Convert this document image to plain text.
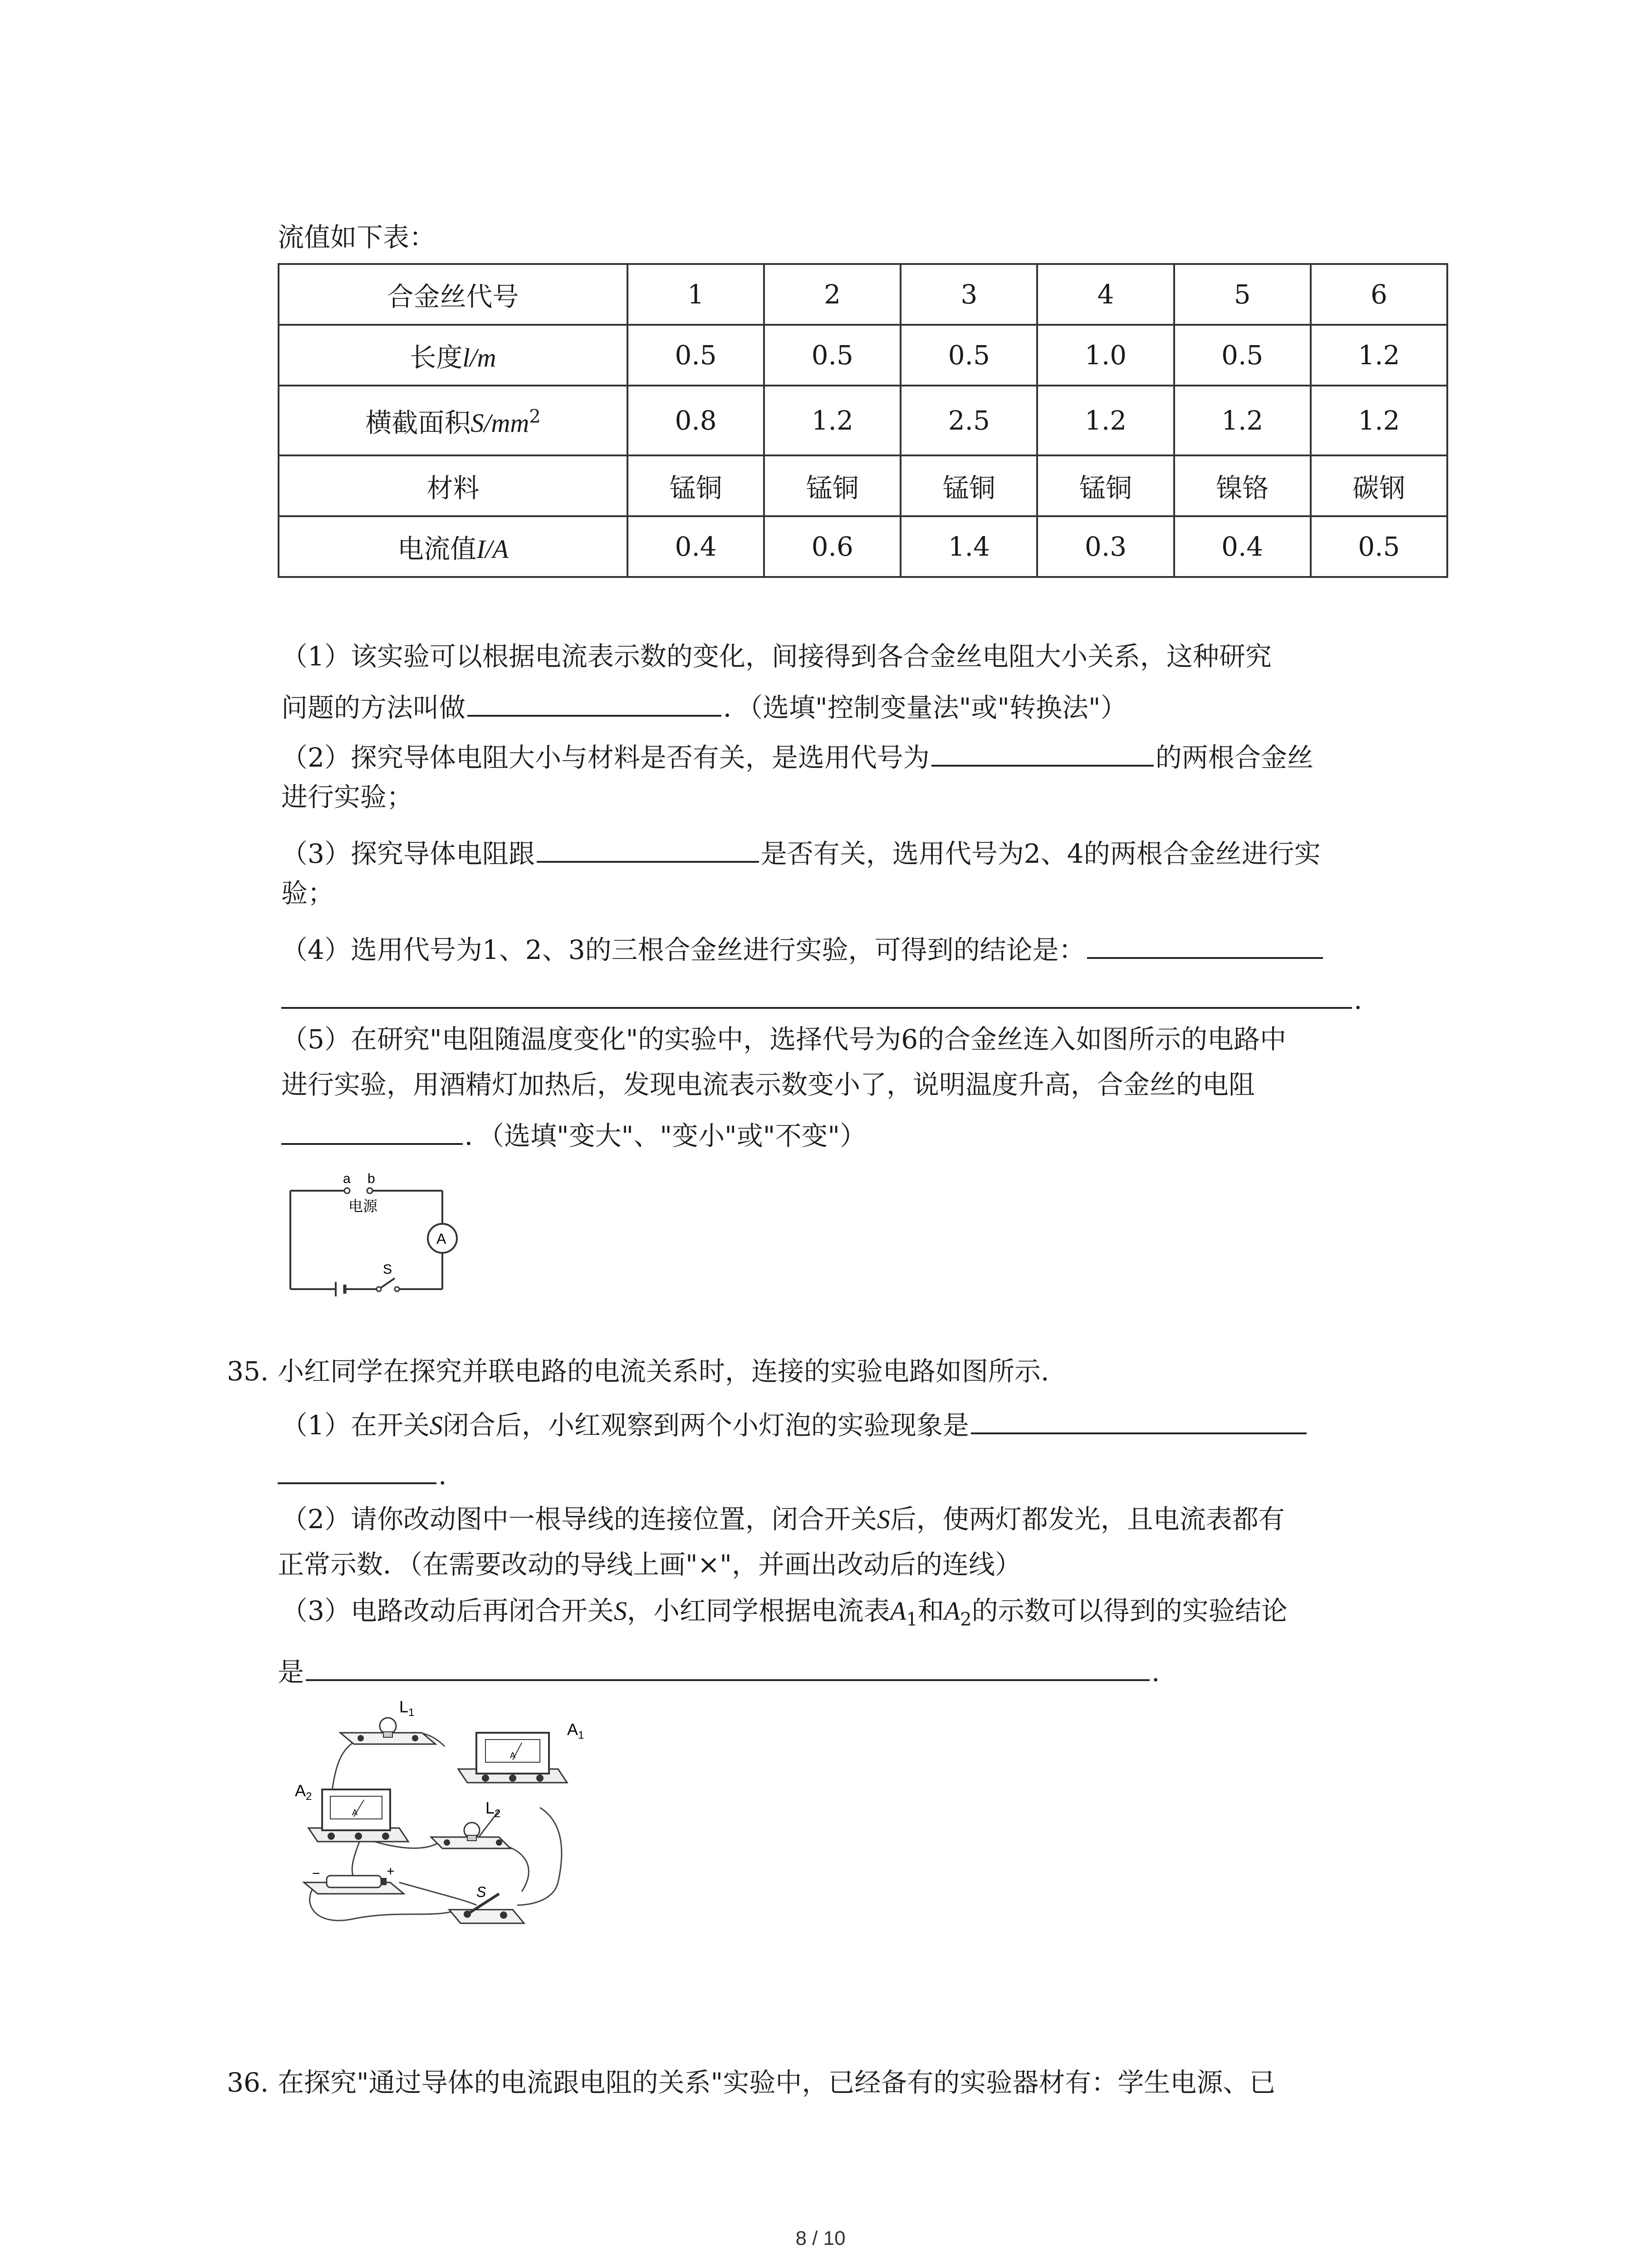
流值如下表：
合金丝代号	1	2	3	4	5	6
长度l/m	0.5	0.5	0.5	1.0	0.5	1.2
横截面积$S/mm^2$	0.8	1.2	2.5	1.2	1.2	1.2
材料	锰铜	锰铜	锰铜	锰铜	镍铬	碳钢
电流值I/A	0.4	0.6	1.4	0.3	0.4	0.5
（1）该实验可以根据电流表示数的变化，间接得到各合金丝电阻大小关系，这种研究
问题的方法叫做	．（选填"控制变量法"或"转换法"）
（2）探究导体电阻大小与材料是否有关，是选用代号为	的两根合金丝
进行实验；
（3）探究导体电阻跟	是否有关，选用代号为2、4的两根合金丝进行实
验；
（4）选用代号为1、2、3的三根合金丝进行实验，可得到的结论是：
.
（5）在研究"电阻随温度变化"的实验中，选择代号为6的合金丝连入如图所示的电路中
进行实验，用酒精灯加热后，发现电流表示数变小了，说明温度升高，合金丝的电阻
．（选填"变大"、"变小"或"不变"）
a b
电源
A
S
35. 小红同学在探究并联电路的电流关系时，连接的实验电路如图所示.
（1）在开关S闭合后，小红观察到两个小灯泡的实验现象是
.
（2）请你改动图中一根导线的连接位置，闭合开关S后，使两灯都发光，且电流表都有
正常示数．（在需要改动的导线上画"×"，并画出改动后的连线）
（3）电路改动后再闭合开关S，小红同学根据电流表$A_1$和$A_2$的示数可以得到的实验结论
是	.
$L_1$
A
$A_1$
A
$A_2$
$L_2$
−	+
S
36. 在探究"通过导体的电流跟电阻的关系"实验中，已经备有的实验器材有：学生电源、已
8 / 10
